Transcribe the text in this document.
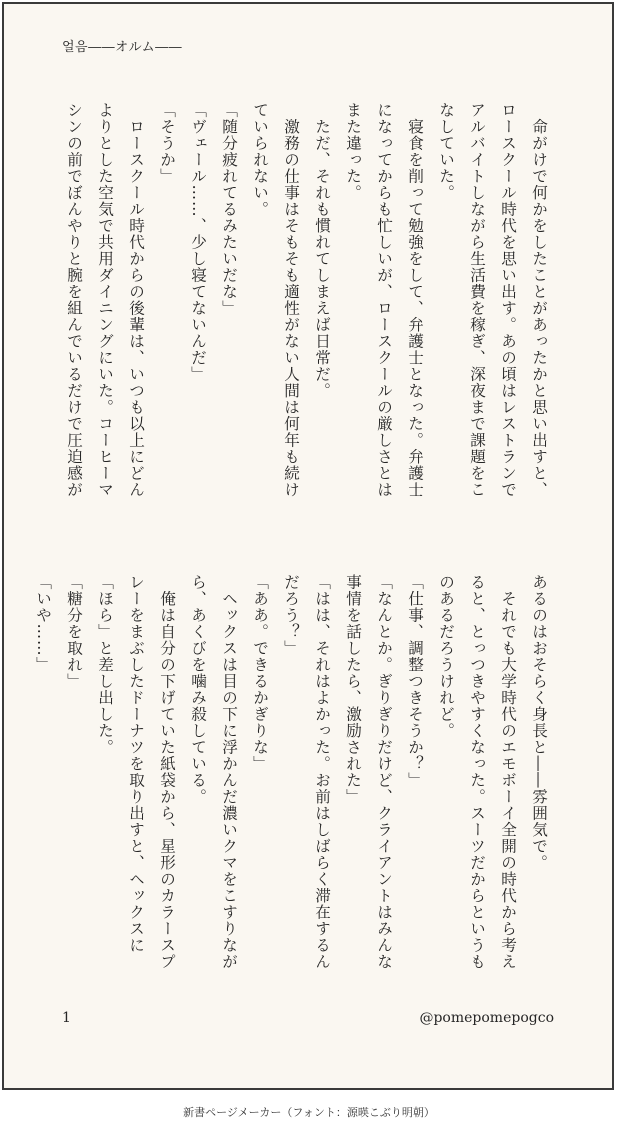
얼음――オルム――
　命がけで何かをしたことがあったかと思い出すと、
ロースクール時代を思い出す。あの頃はレストランで
アルバイトしながら生活費を稼ぎ、深夜まで課題をこ
なしていた。
　寝食を削って勉強をして、弁護士となった。弁護士
になってからも忙しいが、ロースクールの厳しさとは
また違った。
　ただ、それも慣れてしまえば日常だ。
　激務の仕事はそもそも適性がない人間は何年も続け
ていられない。
「随分疲れてるみたいだな」
「ヴェール……、少し寝てないんだ」
「そうか」
　ロースクール時代からの後輩は、いつも以上にどん
よりとした空気で共用ダイニングにいた。コーヒーマ
シンの前でぼんやりと腕を組んでいるだけで圧迫感が
あるのはおそらく身長と――雰囲気で。
　それでも大学時代のエモボーイ全開の時代から考え
ると、とっつきやすくなった。スーツだからというも
のあるだろうけれど。
「仕事、調整つきそうか？」
「なんとか。ぎりぎりだけど、クライアントはみんな
事情を話したら、激励された」
「はは、それはよかった。お前はしばらく滞在するん
だろう？」
「ああ。できるかぎりな」
　ヘックスは目の下に浮かんだ濃いクマをこすりなが
ら、あくびを噛み殺している。
　俺は自分の下げていた紙袋から、星形のカラースプ
レーをまぶしたドーナツを取り出すと、ヘックスに
「ほら」と差し出した。
「糖分を取れ」
「いや……」
1	@pomepomepogco
新書ページメーカー（フォント：源暎こぶり明朝）
